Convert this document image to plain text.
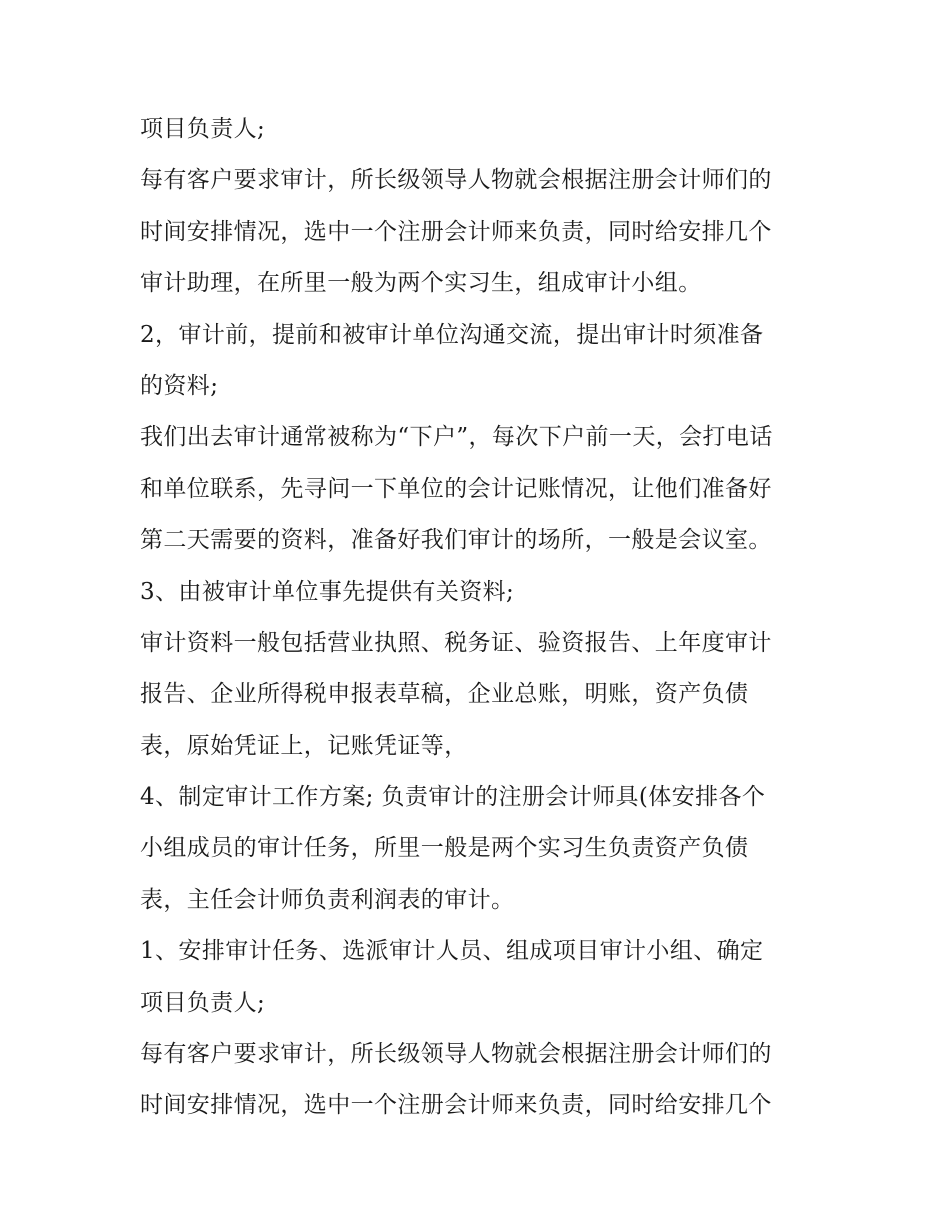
项目负责人;
每有客户要求审计，所长级领导人物就会根据注册会计师们的
时间安排情况，选中一个注册会计师来负责，同时给安排几个
审计助理，在所里一般为两个实习生，组成审计小组。
2，审计前，提前和被审计单位沟通交流，提出审计时须准备
的资料;
我们出去审计通常被称为“下户”，每次下户前一天，会打电话
和单位联系，先寻问一下单位的会计记账情况，让他们准备好
第二天需要的资料，准备好我们审计的场所，一般是会议室。
3、由被审计单位事先提供有关资料;
审计资料一般包括营业执照、税务证、验资报告、上年度审计
报告、企业所得税申报表草稿，企业总账，明账，资产负债
表，原始凭证上，记账凭证等，
4、制定审计工作方案; 负责审计的注册会计师具(体安排各个
小组成员的审计任务，所里一般是两个实习生负责资产负债
表，主任会计师负责利润表的审计。
1、安排审计任务、选派审计人员、组成项目审计小组、确定
项目负责人;
每有客户要求审计，所长级领导人物就会根据注册会计师们的
时间安排情况，选中一个注册会计师来负责，同时给安排几个
